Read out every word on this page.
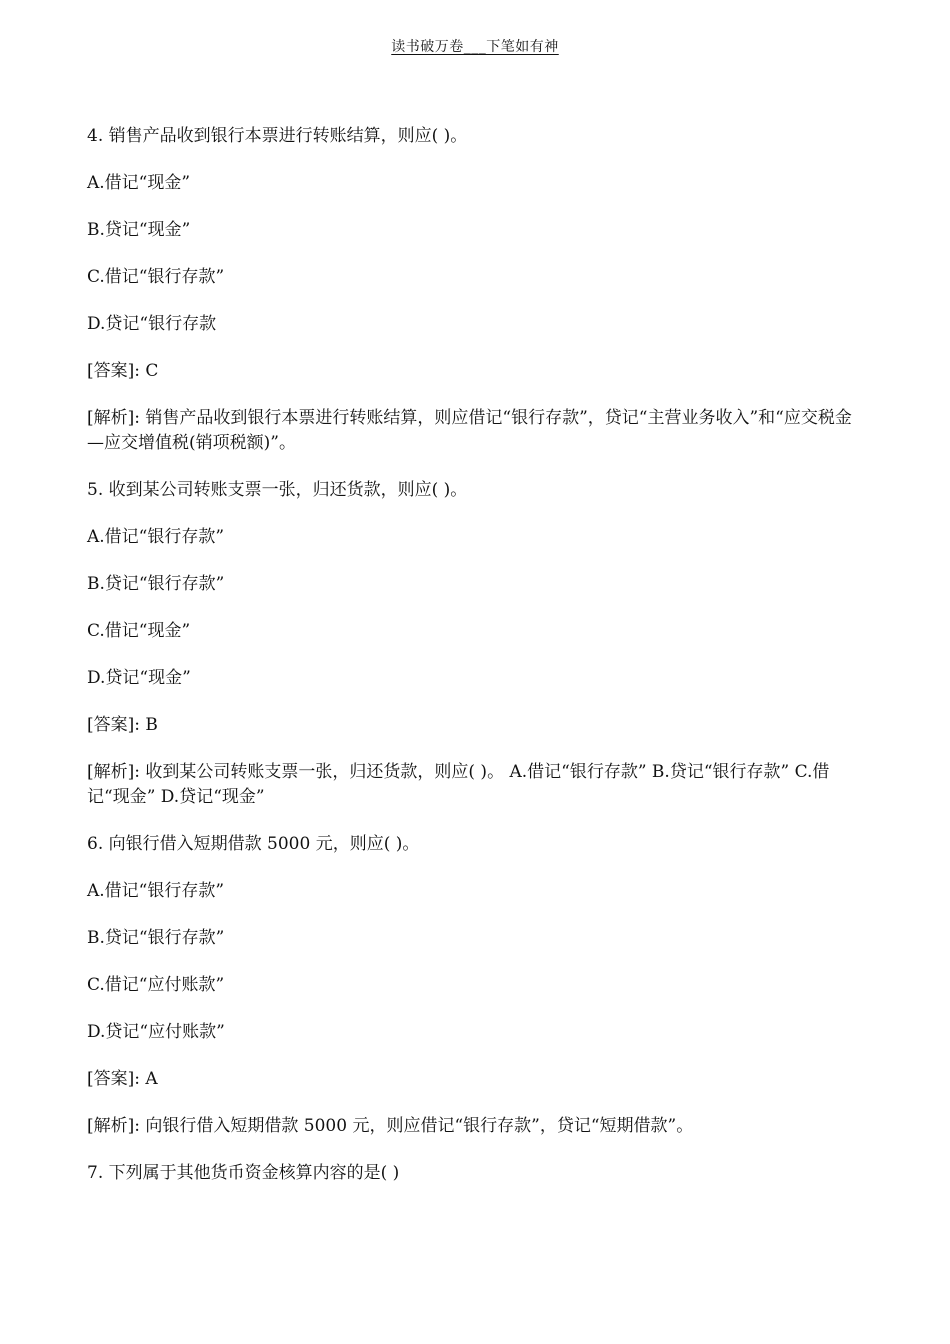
读书破万卷___下笔如有神

4. 销售产品收到银行本票进行转账结算，则应( )。

A.借记“现金”

B.贷记“现金”

C.借记“银行存款”

D.贷记“银行存款

[答案]: C

[解析]: 销售产品收到银行本票进行转账结算，则应借记“银行存款”，贷记“主营业务收入”和“应交税金—应交增值税(销项税额)”。

5. 收到某公司转账支票一张，归还货款，则应( )。

A.借记“银行存款”

B.贷记“银行存款”

C.借记“现金”

D.贷记“现金”

[答案]: B

[解析]: 收到某公司转账支票一张，归还货款，则应( )。 A.借记“银行存款” B.贷记“银行存款” C.借记“现金” D.贷记“现金”

6. 向银行借入短期借款 5000 元，则应( )。

A.借记“银行存款”

B.贷记“银行存款”

C.借记“应付账款”

D.贷记“应付账款”

[答案]: A

[解析]: 向银行借入短期借款 5000 元，则应借记“银行存款”，贷记“短期借款”。

7. 下列属于其他货币资金核算内容的是( )
